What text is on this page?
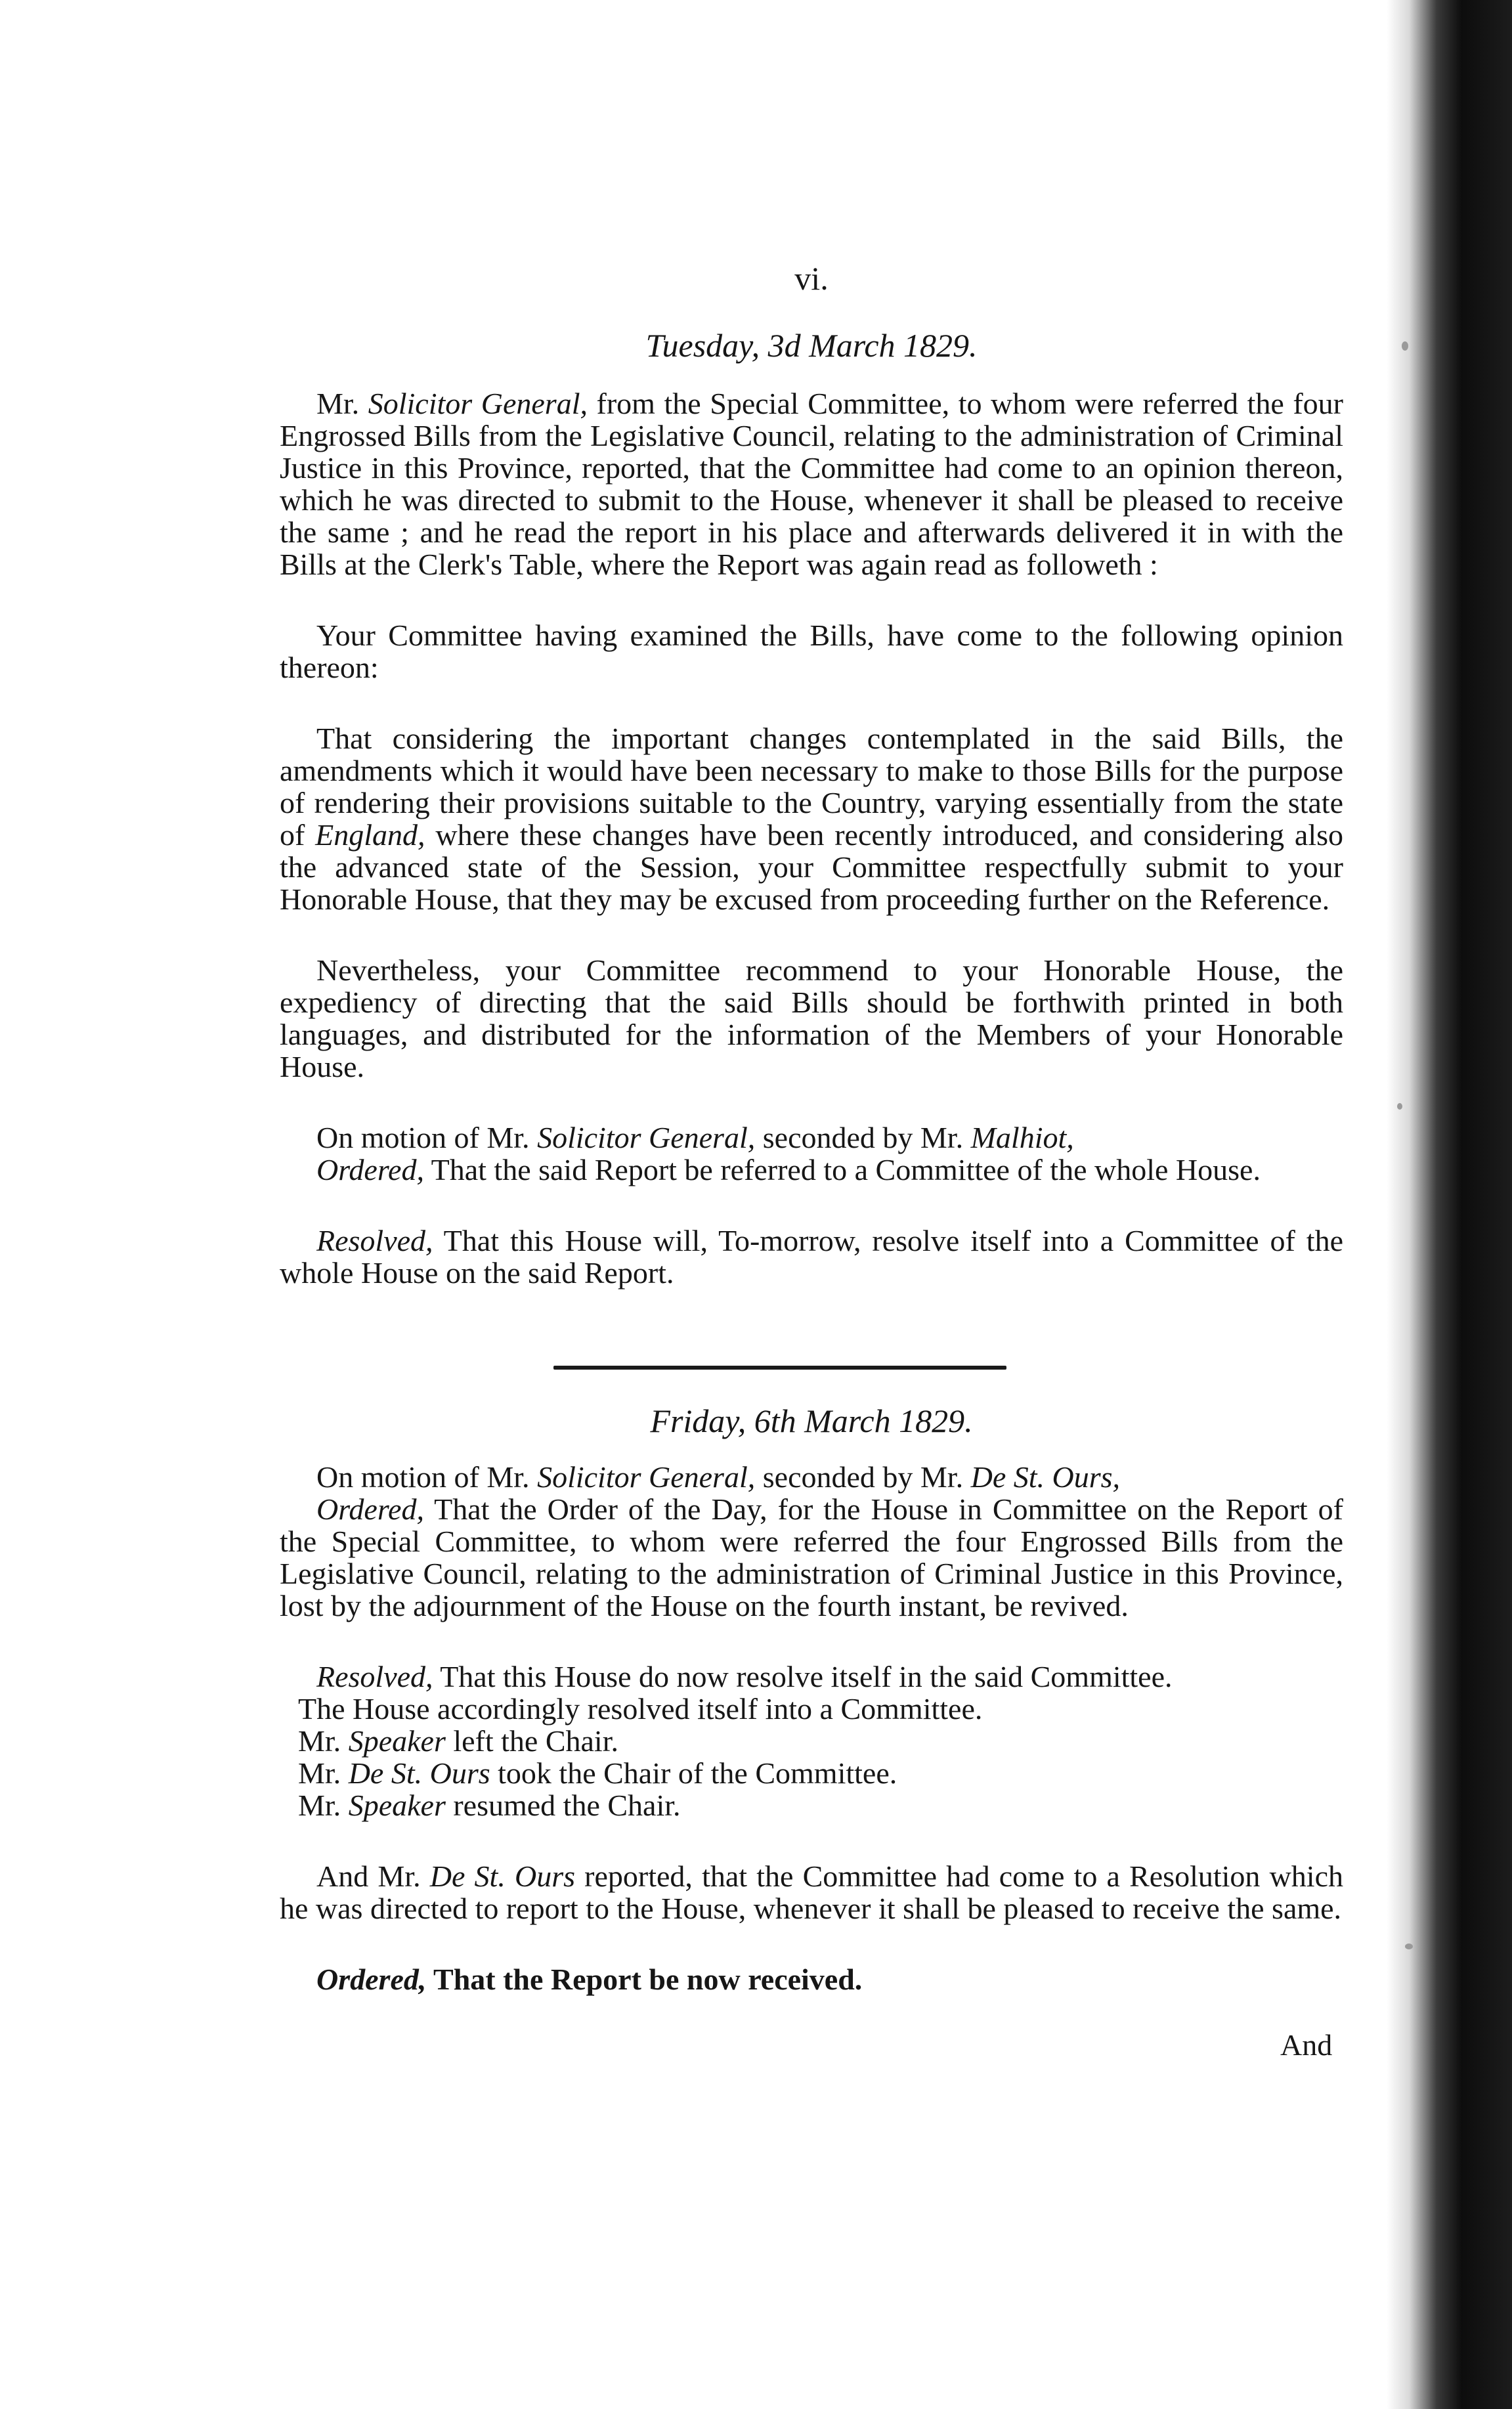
vi.
Tuesday, 3d March 1829.

Mr. Solicitor General, from the Special Committee, to whom were referred the four Engrossed Bills from the Legislative Council, relating to the administration of Criminal Justice in this Province, reported, that the Committee had come to an opinion thereon, which he was directed to submit to the House, whenever it shall be pleased to receive the same ; and he read the report in his place and afterwards delivered it in with the Bills at the Clerk's Table, where the Report was again read as followeth :

Your Committee having examined the Bills, have come to the following opinion thereon:

That considering the important changes contemplated in the said Bills, the amendments which it would have been necessary to make to those Bills for the purpose of rendering their provisions suitable to the Country, varying essentially from the state of England, where these changes have been recently introduced, and considering also the advanced state of the Session, your Committee respectfully submit to your Honorable House, that they may be excused from proceeding further on the Reference.

Nevertheless, your Committee recommend to your Honorable House, the expediency of directing that the said Bills should be forthwith printed in both languages, and distributed for the information of the Members of your Honorable House.

On motion of Mr. Solicitor General, seconded by Mr. Malhiot,

Ordered, That the said Report be referred to a Committee of the whole House.

Resolved, That this House will, To-morrow, resolve itself into a Committee of the whole House on the said Report.

Friday, 6th March 1829.

On motion of Mr. Solicitor General, seconded by Mr. De St. Ours,

Ordered, That the Order of the Day, for the House in Committee on the Report of the Special Committee, to whom were referred the four Engrossed Bills from the Legislative Council, relating to the administration of Criminal Justice in this Province, lost by the adjournment of the House on the fourth instant, be revived.

Resolved, That this House do now resolve itself in the said Committee.

The House accordingly resolved itself into a Committee.

Mr. Speaker left the Chair.

Mr. De St. Ours took the Chair of the Committee.

Mr. Speaker resumed the Chair.

And Mr. De St. Ours reported, that the Committee had come to a Resolution which he was directed to report to the House, whenever it shall be pleased to receive the same.

Ordered, That the Report be now received.

And
